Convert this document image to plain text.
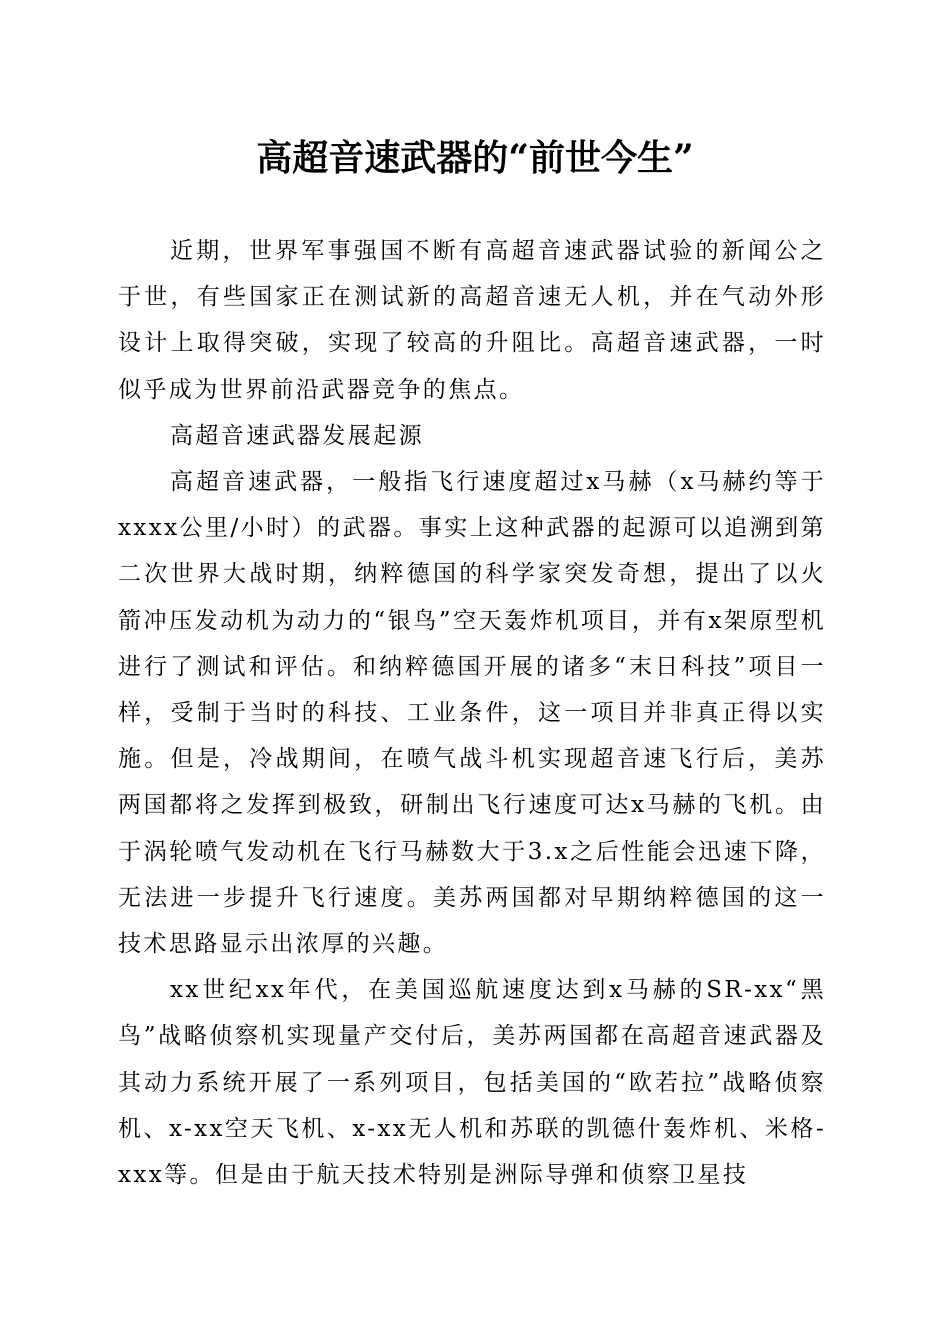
高超音速武器的“前世今生”

近期，世界军事强国不断有高超音速武器试验的新闻公之于世，有些国家正在测试新的高超音速无人机，并在气动外形设计上取得突破，实现了较高的升阻比。高超音速武器，一时似乎成为世界前沿武器竞争的焦点。

高超音速武器发展起源

高超音速武器，一般指飞行速度超过x马赫（x马赫约等于xxxx公里/小时）的武器。事实上这种武器的起源可以追溯到第二次世界大战时期，纳粹德国的科学家突发奇想，提出了以火箭冲压发动机为动力的“银鸟”空天轰炸机项目，并有x架原型机进行了测试和评估。和纳粹德国开展的诸多“末日科技”项目一样，受制于当时的科技、工业条件，这一项目并非真正得以实施。但是，冷战期间，在喷气战斗机实现超音速飞行后，美苏两国都将之发挥到极致，研制出飞行速度可达x马赫的飞机。由于涡轮喷气发动机在飞行马赫数大于3.x之后性能会迅速下降，无法进一步提升飞行速度。美苏两国都对早期纳粹德国的这一技术思路显示出浓厚的兴趣。

xx世纪xx年代，在美国巡航速度达到x马赫的SR-xx“黑鸟”战略侦察机实现量产交付后，美苏两国都在高超音速武器及其动力系统开展了一系列项目，包括美国的“欧若拉”战略侦察机、x-xx空天飞机、x-xx无人机和苏联的凯德什轰炸机、米格-xxx等。但是由于航天技术特别是洲际导弹和侦察卫星技
